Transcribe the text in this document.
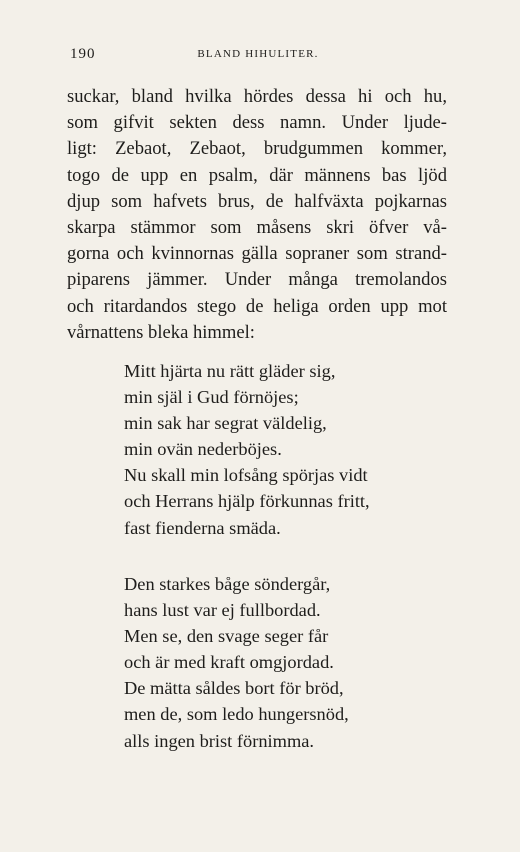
190	BLAND HIHULITER.
suckar, bland hvilka hördes dessa hi och hu,
som gifvit sekten dess namn. Under ljude-
ligt: Zebaot, Zebaot, brudgummen kommer,
togo de upp en psalm, där männens bas ljöd
djup som hafvets brus, de halfväxta pojkarnas
skarpa stämmor som måsens skri öfver vå-
gorna och kvinnornas gälla sopraner som strand-
piparens jämmer. Under många tremolandos
och ritardandos stego de heliga orden upp mot
vårnattens bleka himmel:
Mitt hjärta nu rätt gläder sig,
min själ i Gud förnöjes;
min sak har segrat väldelig,
min ovän nederböjes.
Nu skall min lofsång spörjas vidt
och Herrans hjälp förkunnas fritt,
fast fienderna smäda.
Den starkes båge söndergår,
hans lust var ej fullbordad.
Men se, den svage seger får
och är med kraft omgjordad.
De mätta såldes bort för bröd,
men de, som ledo hungersnöd,
alls ingen brist förnimma.
